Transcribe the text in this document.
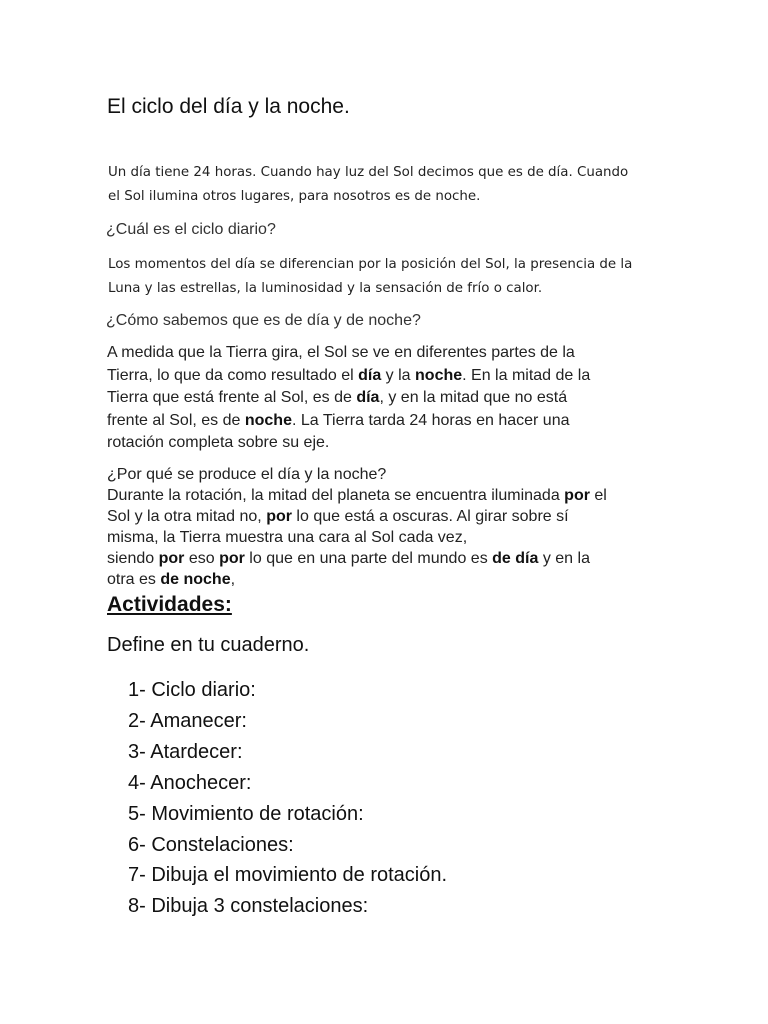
El ciclo del día y la noche.

Un día tiene 24 horas. Cuando hay luz del Sol decimos que es de día. Cuando
el Sol ilumina otros lugares, para nosotros es de noche.

¿Cuál es el ciclo diario?

Los momentos del día se diferencian por la posición del Sol, la presencia de la
Luna y las estrellas, la luminosidad y la sensación de frío o calor.

¿Cómo sabemos que es de día y de noche?

A medida que la Tierra gira, el Sol se ve en diferentes partes de la
Tierra, lo que da como resultado el día y la noche. En la mitad de la
Tierra que está frente al Sol, es de día, y en la mitad que no está
frente al Sol, es de noche. La Tierra tarda 24 horas en hacer una
rotación completa sobre su eje.

¿Por qué se produce el día y la noche?
Durante la rotación, la mitad del planeta se encuentra iluminada por el
Sol y la otra mitad no, por lo que está a oscuras. Al girar sobre sí
misma, la Tierra muestra una cara al Sol cada vez,
siendo por eso por lo que en una parte del mundo es de día y en la
otra es de noche,

Actividades:

Define en tu cuaderno.

1- Ciclo diario:
2- Amanecer:
3- Atardecer:
4- Anochecer:
5- Movimiento de rotación:
6- Constelaciones:
7- Dibuja el movimiento de rotación.
8- Dibuja 3 constelaciones:
